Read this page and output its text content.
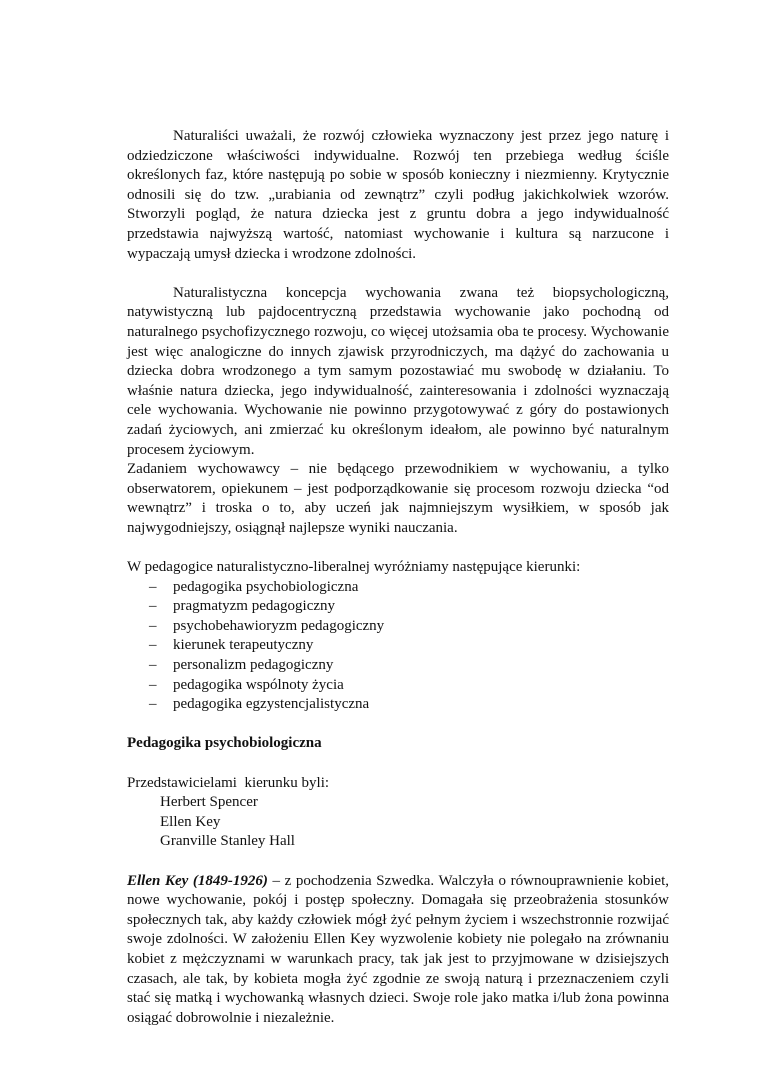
Naturaliści uważali, że rozwój człowieka wyznaczony jest przez jego naturę i odziedziczone właściwości indywidualne. Rozwój ten przebiega według ściśle określonych faz, które następują po sobie w sposób konieczny i niezmienny. Krytycznie odnosili się do tzw. „urabiania od zewnątrz” czyli podług jakichkolwiek wzorów. Stworzyli pogląd, że natura dziecka jest z gruntu dobra a jego indywidualność przedstawia najwyższą wartość, natomiast wychowanie i kultura są narzucone i wypaczają umysł dziecka i wrodzone zdolności.

Naturalistyczna koncepcja wychowania zwana też biopsychologiczną, natywistyczną lub pajdocentryczną przedstawia wychowanie jako pochodną od naturalnego psychofizycznego rozwoju, co więcej utożsamia oba te procesy. Wychowanie jest więc analogiczne do innych zjawisk przyrodniczych, ma dążyć do zachowania u dziecka dobra wrodzonego a tym samym pozostawiać mu swobodę w działaniu. To właśnie natura dziecka, jego indywidualność, zainteresowania i zdolności wyznaczają cele wychowania. Wychowanie nie powinno przygotowywać z góry do postawionych zadań życiowych, ani zmierzać ku określonym ideałom, ale powinno być naturalnym procesem życiowym.

Zadaniem wychowawcy – nie będącego przewodnikiem w wychowaniu, a tylko obserwatorem, opiekunem – jest podporządkowanie się procesom rozwoju dziecka “od wewnątrz” i troska o to, aby uczeń jak najmniejszym wysiłkiem, w sposób jak najwygodniejszy, osiągnął najlepsze wyniki nauczania.

W pedagogice naturalistyczno-liberalnej wyróżniamy następujące kierunki:

– pedagogika psychobiologiczna
– pragmatyzm pedagogiczny
– psychobehawioryzm pedagogiczny
– kierunek terapeutyczny
– personalizm pedagogiczny
– pedagogika wspólnoty życia
– pedagogika egzystencjalistyczna

Pedagogika psychobiologiczna

Przedstawicielami  kierunku byli:

Herbert Spencer
Ellen Key
Granville Stanley Hall

Ellen Key (1849-1926) – z pochodzenia Szwedka. Walczyła o równouprawnienie kobiet, nowe wychowanie, pokój i postęp społeczny. Domagała się przeobrażenia stosunków społecznych tak, aby każdy człowiek mógł żyć pełnym życiem i wszechstronnie rozwijać swoje zdolności. W założeniu Ellen Key wyzwolenie kobiety nie polegało na zrównaniu kobiet z mężczyznami w warunkach pracy, tak jak jest to przyjmowane w dzisiejszych czasach, ale tak, by kobieta mogła żyć zgodnie ze swoją naturą i przeznaczeniem czyli stać się matką i wychowanką własnych dzieci. Swoje role jako matka i/lub żona powinna osiągać dobrowolnie i niezależnie.
